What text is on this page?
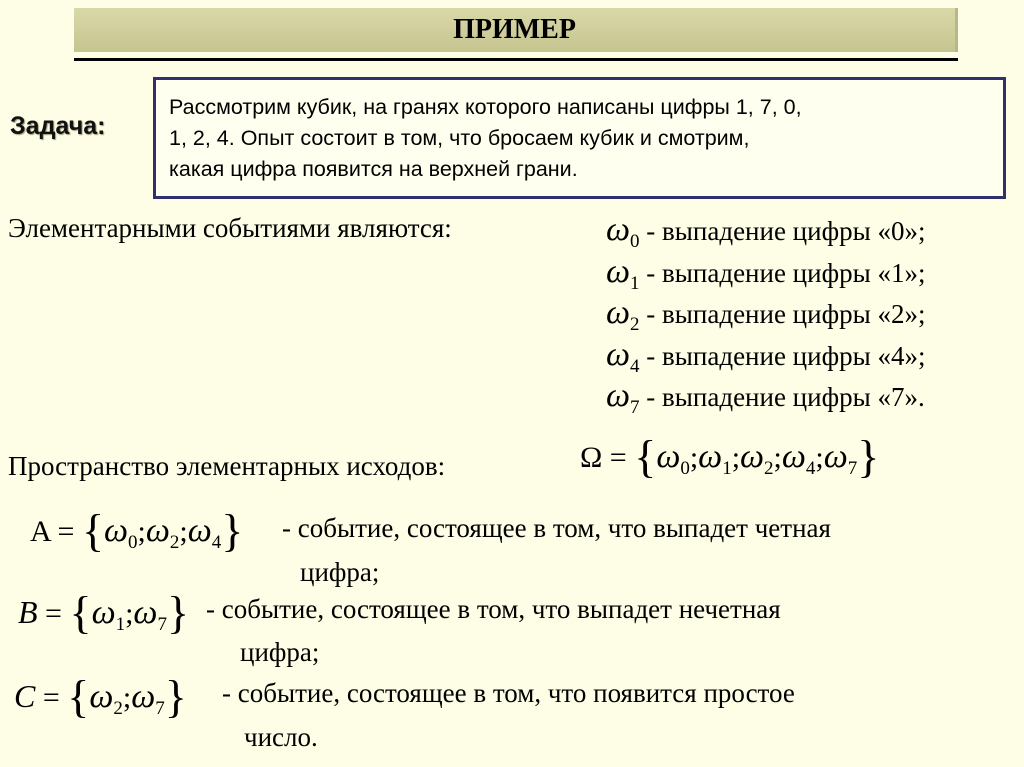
ПРИМЕР
Задача:
Рассмотрим кубик, на гранях которого написаны цифры 1, 7, 0,
1, 2, 4. Опыт состоит в том, что бросаем кубик и смотрим,
какая цифра появится на верхней грани.
Элементарными событиями являются:	$\omega_0$ - выпадение цифры «0»;
$\omega_1$ - выпадение цифры «1»;
$\omega_2$ - выпадение цифры «2»;
$\omega_4$ - выпадение цифры «4»;
$\omega_7$ - выпадение цифры «7».
Пространство элементарных исходов:	$\Omega = \{\omega_0;\omega_1;\omega_2;\omega_4;\omega_7\}$
$A = \{\omega_0;\omega_2;\omega_4\}$ - событие, состоящее в том, что выпадет четная
цифра;
$B = \{\omega_1;\omega_7\}$ - событие, состоящее в том, что выпадет нечетная
цифра;
$C = \{\omega_2;\omega_7\}$ - событие, состоящее в том, что появится простое
число.
